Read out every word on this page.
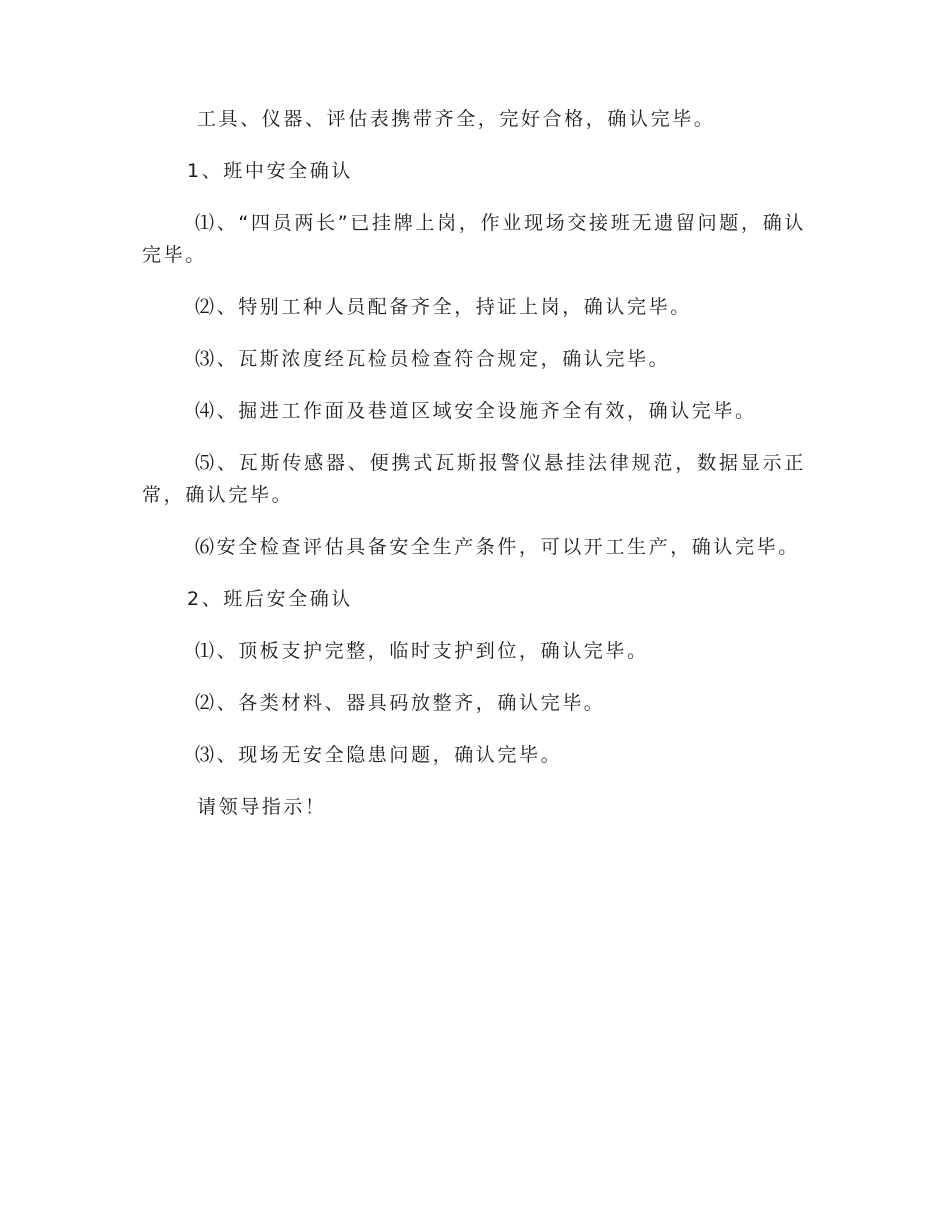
工具、仪器、评估表携带齐全，完好合格，确认完毕。

1、班中安全确认

⑴、“四员两长”已挂牌上岗，作业现场交接班无遗留问题，确认完毕。

⑵、特别工种人员配备齐全，持证上岗，确认完毕。

⑶、瓦斯浓度经瓦检员检查符合规定，确认完毕。

⑷、掘进工作面及巷道区域安全设施齐全有效，确认完毕。

⑸、瓦斯传感器、便携式瓦斯报警仪悬挂法律规范，数据显示正常，确认完毕。

⑹安全检查评估具备安全生产条件，可以开工生产，确认完毕。

2、班后安全确认

⑴、顶板支护完整，临时支护到位，确认完毕。

⑵、各类材料、器具码放整齐，确认完毕。

⑶、现场无安全隐患问题，确认完毕。

请领导指示！
